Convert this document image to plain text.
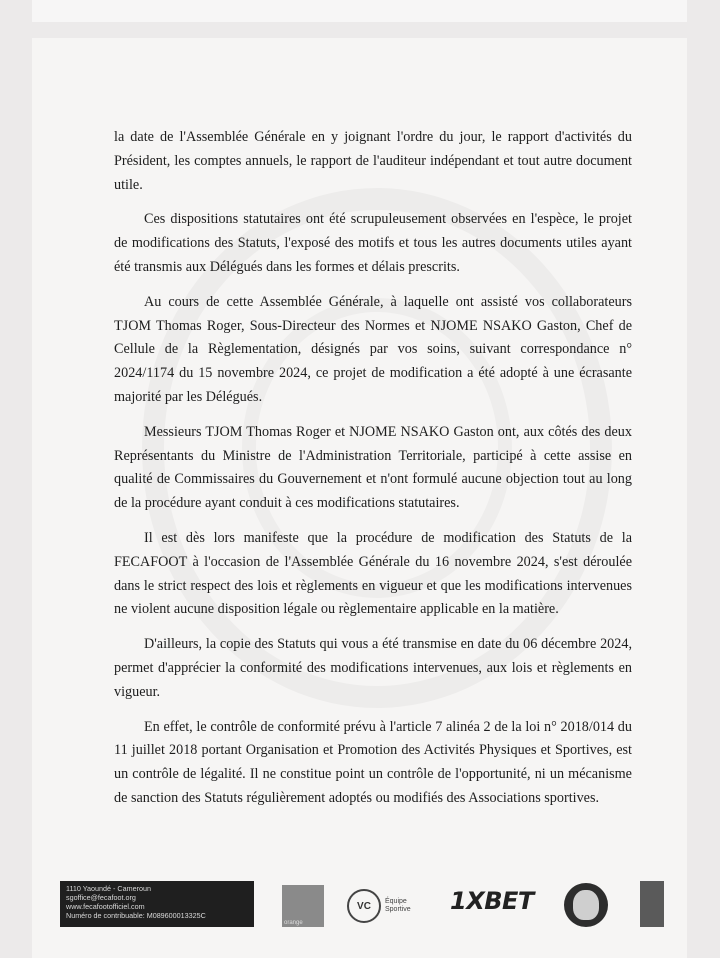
la date de l'Assemblée Générale en y joignant l'ordre du jour, le rapport d'activités du Président, les comptes annuels, le rapport de l'auditeur indépendant et tout autre document utile.

Ces dispositions statutaires ont été scrupuleusement observées en l'espèce, le projet de modifications des Statuts, l'exposé des motifs et tous les autres documents utiles ayant été transmis aux Délégués dans les formes et délais prescrits.

Au cours de cette Assemblée Générale, à laquelle ont assisté vos collaborateurs TJOM Thomas Roger, Sous-Directeur des Normes et NJOME NSAKO Gaston, Chef de Cellule de la Règlementation, désignés par vos soins, suivant correspondance n° 2024/1174 du 15 novembre 2024, ce projet de modification a été adopté à une écrasante majorité par les Délégués.

Messieurs TJOM Thomas Roger et NJOME NSAKO Gaston ont, aux côtés des deux Représentants du Ministre de l'Administration Territoriale, participé à cette assise en qualité de Commissaires du Gouvernement et n'ont formulé aucune objection tout au long de la procédure ayant conduit à ces modifications statutaires.

Il est dès lors manifeste que la procédure de modification des Statuts de la FECAFOOT à l'occasion de l'Assemblée Générale du 16 novembre 2024, s'est déroulée dans le strict respect des lois et règlements en vigueur et que les modifications intervenues ne violent aucune disposition légale ou règlementaire applicable en la matière.

D'ailleurs, la copie des Statuts qui vous a été transmise en date du 06 décembre 2024, permet d'apprécier la conformité des modifications intervenues, aux lois et règlements en vigueur.

En effet, le contrôle de conformité prévu à l'article 7 alinéa 2 de la loi n° 2018/014 du 11 juillet 2018 portant Organisation et Promotion des Activités Physiques et Sportives, est un contrôle de légalité. Il ne constitue point un contrôle de l'opportunité, ni un mécanisme de sanction des Statuts régulièrement adoptés ou modifiés des Associations sportives.

1110 Yaoundé - Cameroun
sgoffice@fecafoot.org
www.fecafootofficiel.com
Numéro de contribuable: M089600013325C
orange
VC	Équipe
Sportive 1XBET
